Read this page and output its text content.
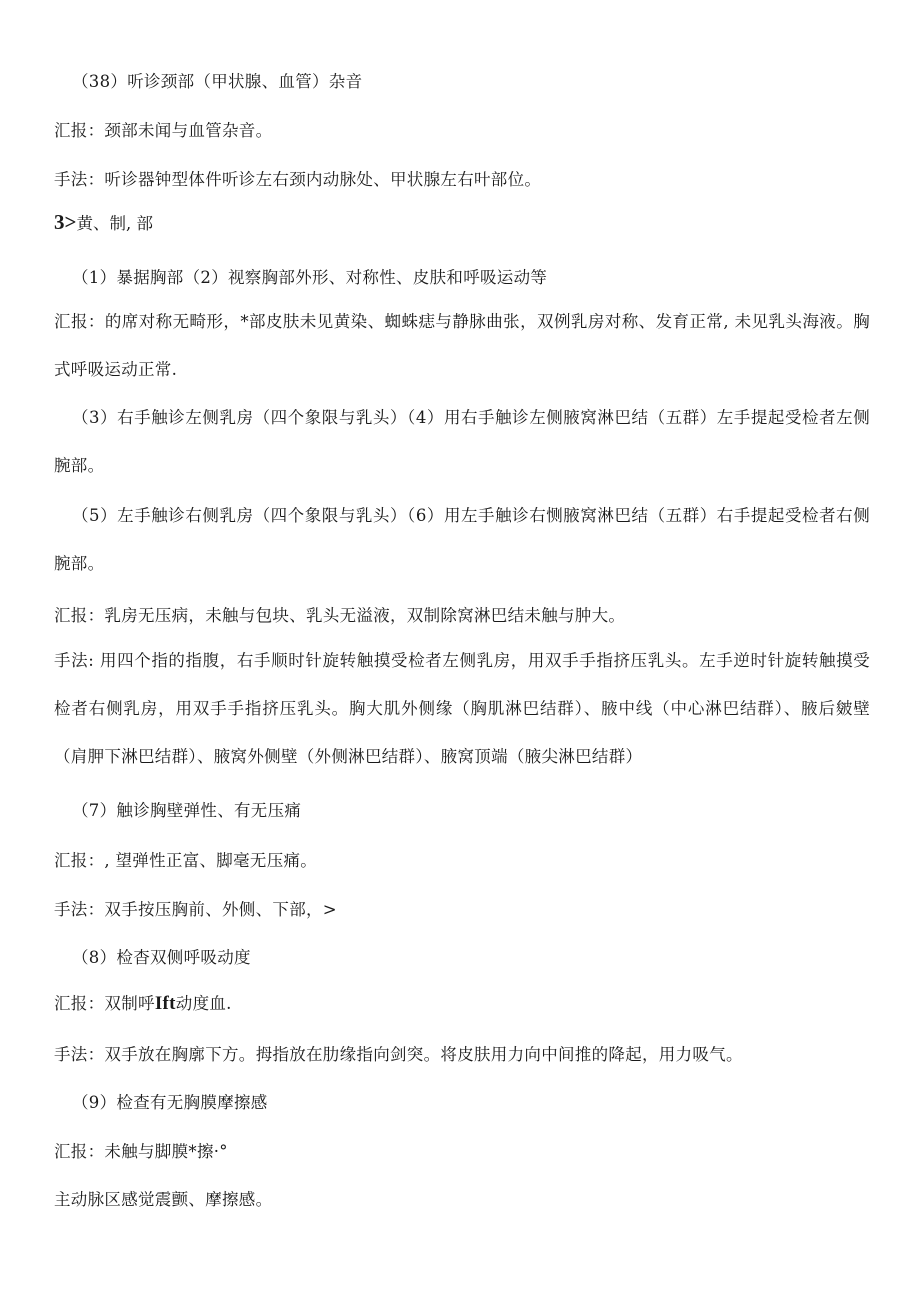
（38）听诊颈部（甲状腺、血管）杂音

汇报：颈部未闻与血管杂音。

手法：听诊器钟型体件听诊左右颈内动脉处、甲状腺左右叶部位。

3>黄、制, 部

（1）暴据胸部（2）视察胸部外形、对称性、皮肤和呼吸运动等

汇报：的席对称无畸形，*部皮肤未见黄染、蜘蛛痣与静脉曲张，双例乳房对称、发育正常, 未见乳头海液。胸式呼吸运动正常.

（3）右手触诊左侧乳房（四个象限与乳头）（4）用右手触诊左侧腋窝淋巴结（五群）左手提起受检者左侧腕部。

（5）左手触诊右侧乳房（四个象限与乳头）（6）用左手触诊右恻腋窝淋巴结（五群）右手提起受检者右侧腕部。

汇报：乳房无压病，未触与包块、乳头无溢液，双制除窝淋巴结未触与肿大。

手法: 用四个指的指腹，右手顺时针旋转触摸受检者左侧乳房，用双手手指挤压乳头。左手逆时针旋转触摸受检者右侧乳房，用双手手指挤压乳头。胸大肌外侧缘（胸肌淋巴结群）、腋中线（中心淋巴结群）、腋后皴壁（肩胛下淋巴结群）、腋窝外侧壁（外侧淋巴结群）、腋窝顶端（腋尖淋巴结群）

（7）触诊胸壁弹性、有无压痛

汇报：, 望弹性正富、脚毫无压痛。

手法：双手按压胸前、外侧、下部，>

（8）检杳双侧呼吸动度

汇报：双制呼Ift动度血.

手法：双手放在胸廓下方。拇指放在肋缘指向剑突。将皮肤用力向中间推的降起，用力吸气。

（9）检查有无胸膜摩擦感

汇报：未触与脚膜*擦·°

主动脉区感觉震颤、摩擦感。
